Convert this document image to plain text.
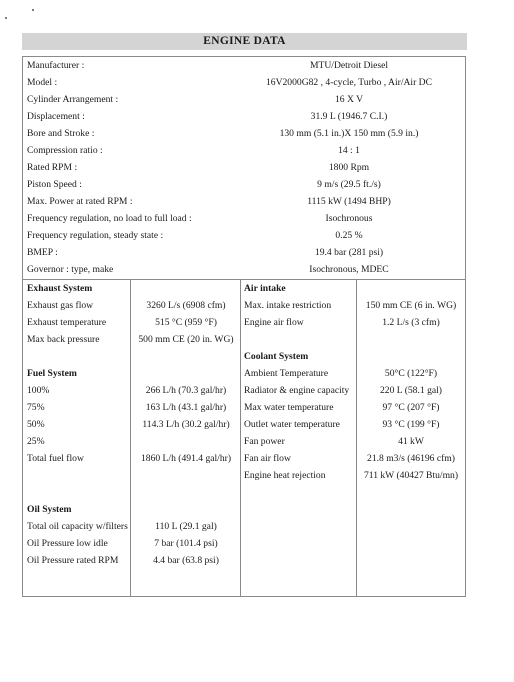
ENGINE DATA
Manufacturer :	MTU/Detroit Diesel
Model :	16V2000G82 , 4-cycle, Turbo , Air/Air DC
Cylinder Arrangement :	16 X V
Displacement :	31.9 L (1946.7 C.I.)
Bore and Stroke :	130 mm (5.1 in.)X 150 mm (5.9 in.)
Compression ratio :	14 : 1
Rated RPM :	1800 Rpm
Piston Speed :	9 m/s (29.5 ft./s)
Max. Power at rated RPM :	1115 kW (1494 BHP)
Frequency regulation, no load to full load :	Isochronous
Frequency regulation, steady state :	0.25 %
BMEP :	19.4 bar (281 psi)
Governor : type, make	Isochronous, MDEC
Exhaust System
Exhaust gas flow	3260 L/s (6908 cfm)
Exhaust temperature	515 °C (959 °F)
Max back pressure	500 mm CE (20 in. WG)
Fuel System
100%	266 L/h (70.3 gal/hr)
75%	163 L/h (43.1 gal/hr)
50%	114.3 L/h (30.2 gal/hr)
25%
Total fuel flow	1860 L/h (491.4 gal/hr)
Oil System
Total oil capacity w/filters	110 L (29.1 gal)
Oil Pressure low idle	7 bar (101.4 psi)
Oil Pressure rated RPM	4.4 bar (63.8 psi)
Air intake
Max. intake restriction	150 mm CE (6 in. WG)
Engine air flow	1.2 L/s (3 cfm)
Coolant System
Ambient Temperature	50°C (122°F)
Radiator & engine capacity	220 L (58.1 gal)
Max water temperature	97 °C (207 °F)
Outlet water temperature	93 °C (199 °F)
Fan power	41 kW
Fan air flow	21.8 m3/s (46196 cfm)
Engine heat rejection	711 kW (40427 Btu/mn)
